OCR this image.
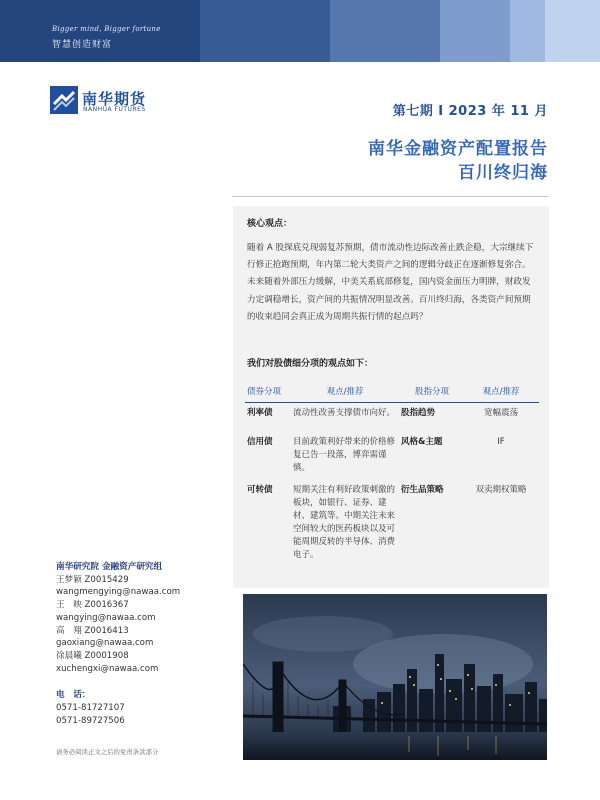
Bigger mind, Bigger fortune
智慧创造财富
南华期货
NANHUA FUTURES	第七期 Ⅰ 2023 年 11 月
南华金融资产配置报告
百川终归海
核心观点：
随着 A 股探底兑现弱复苏预期，债市流动性边际改善止跌企稳，大宗继续下行修正抢跑预期，年内第二轮大类资产之间的逻辑分歧正在逐渐修复弥合。未来随着外部压力缓解，中美关系底部修复，国内资金面压力明牌，财政发力定调稳增长，资产间的共振情况明显改善。百川终归海，各类资产间预期的收束趋同会真正成为周期共振行情的起点吗？
我们对股债细分项的观点如下：
债券分项	观点/推荐	股指分项	观点/推荐
利率债	流动性改善支撑债市向好。	股指趋势	宽幅震荡
信用债	目前政策利好带来的价格修复已告一段落，博弈需谨慎。	风格&主题	IF
可转债	短期关注有利好政策刺激的板块，如银行、证券、建材、建筑等。中期关注未来空间较大的医药板块以及可能周期反转的半导体、消费电子。	衍生品策略	双卖期权策略
南华研究院 金融资产研究组
王梦颖 Z0015429
wangmengying@nawaa.com
王　映 Z0016367
wangying@nawaa.com
高　翔 Z0016413
gaoxiang@nawaa.com
徐晨曦 Z0001908
xuchengxi@nawaa.com
电　话：
0571-81727107
0571-89727506
请务必阅读正文之后的免责条款部分
